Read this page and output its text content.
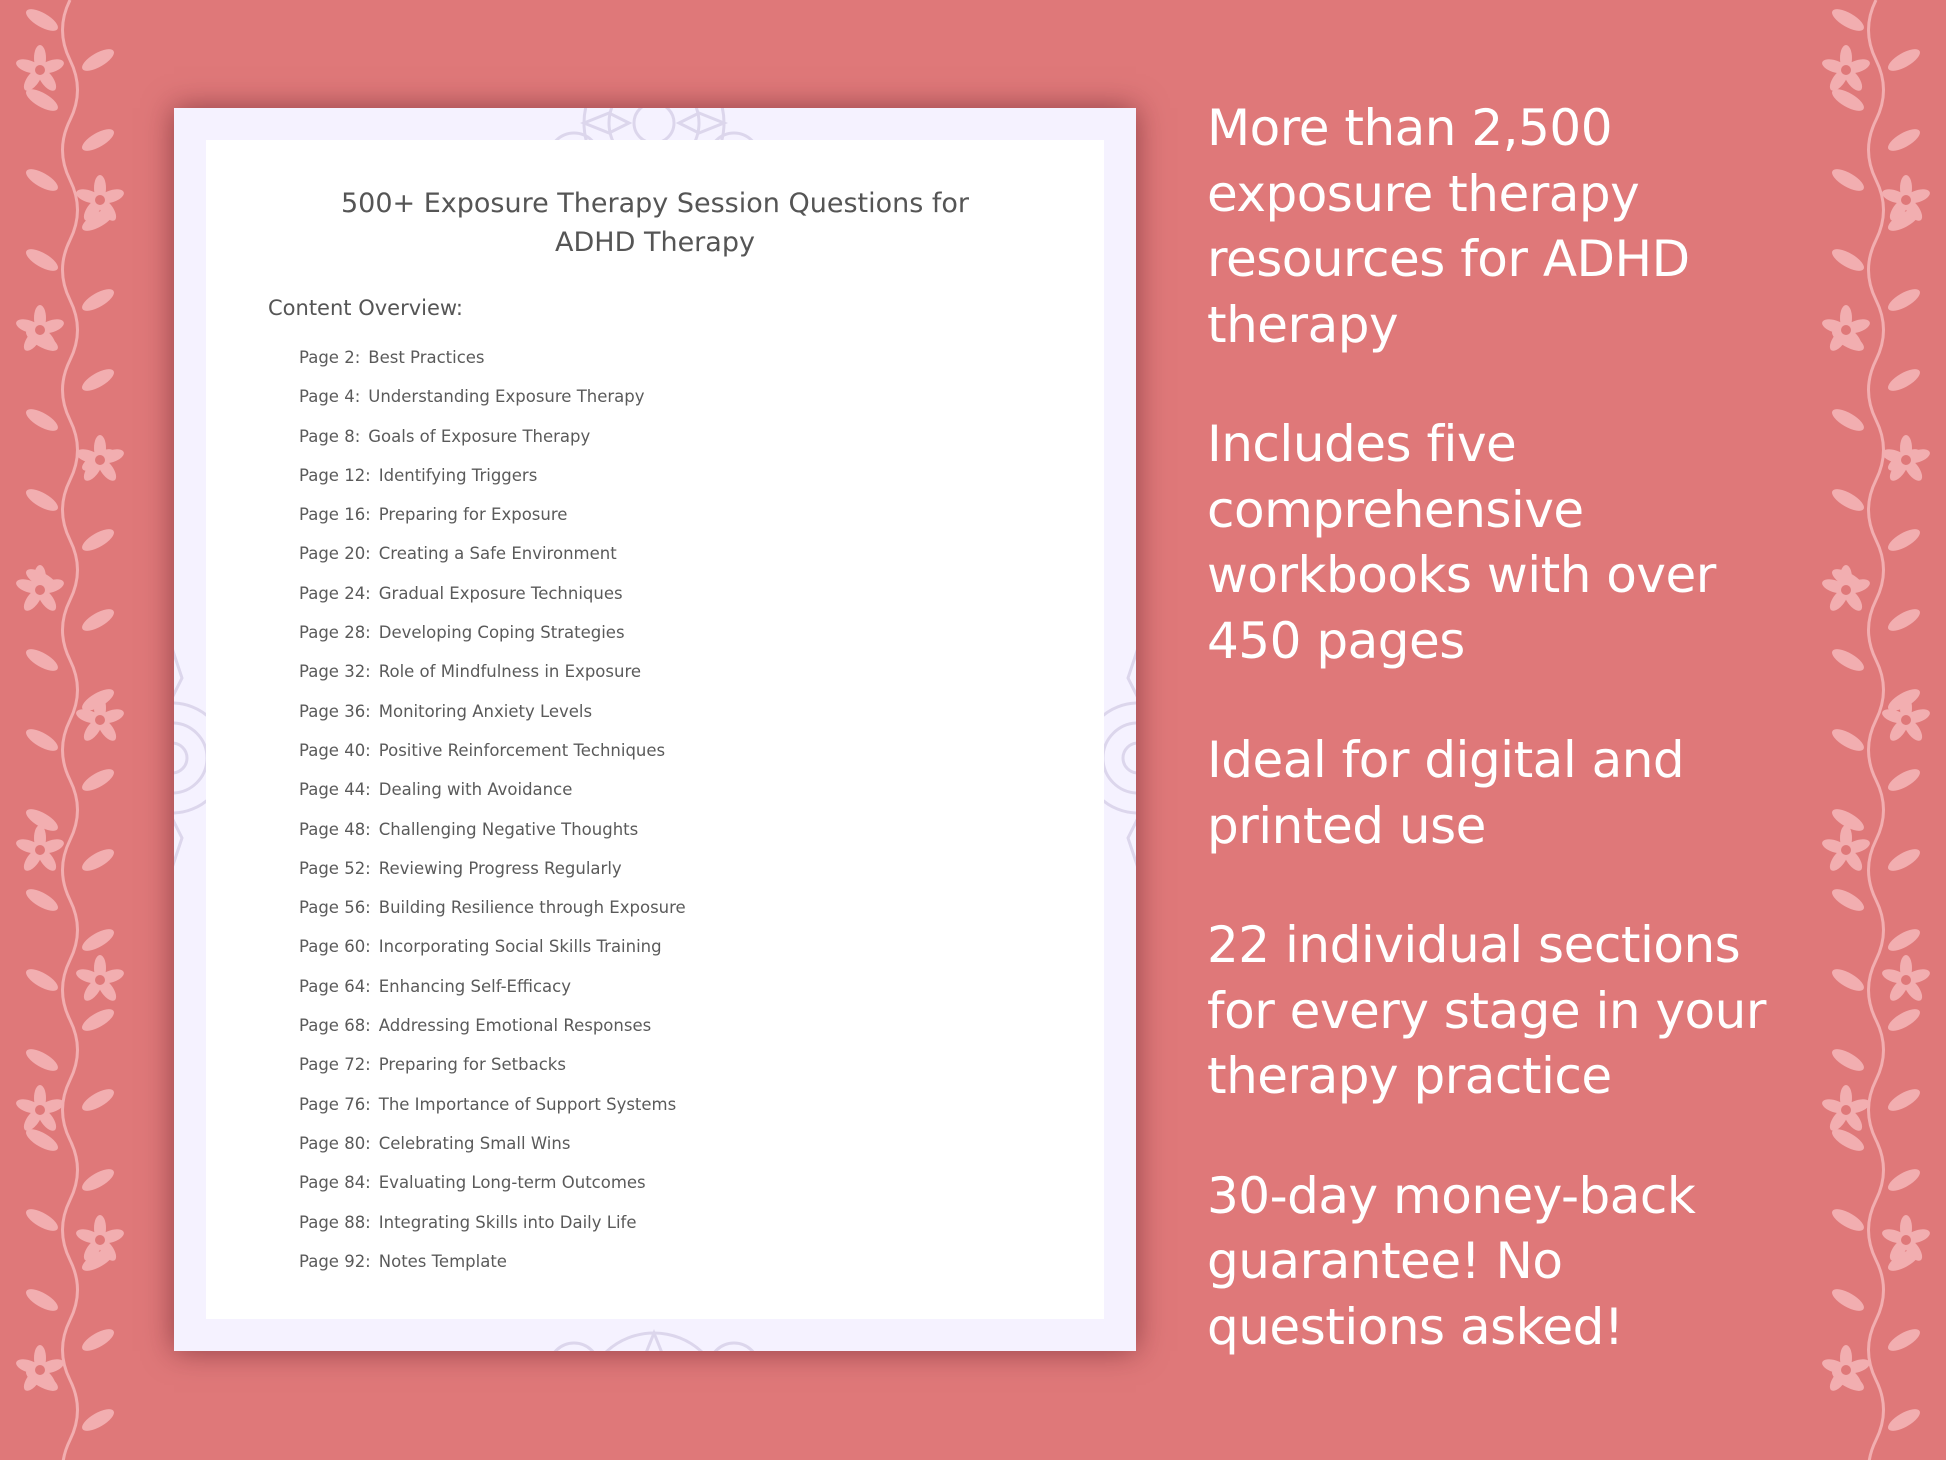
500+ Exposure Therapy Session Questions for
ADHD Therapy

Content Overview:

Page 2: Best Practices
Page 4: Understanding Exposure Therapy
Page 8: Goals of Exposure Therapy
Page 12: Identifying Triggers
Page 16: Preparing for Exposure
Page 20: Creating a Safe Environment
Page 24: Gradual Exposure Techniques
Page 28: Developing Coping Strategies
Page 32: Role of Mindfulness in Exposure
Page 36: Monitoring Anxiety Levels
Page 40: Positive Reinforcement Techniques
Page 44: Dealing with Avoidance
Page 48: Challenging Negative Thoughts
Page 52: Reviewing Progress Regularly
Page 56: Building Resilience through Exposure
Page 60: Incorporating Social Skills Training
Page 64: Enhancing Self-Efficacy
Page 68: Addressing Emotional Responses
Page 72: Preparing for Setbacks
Page 76: The Importance of Support Systems
Page 80: Celebrating Small Wins
Page 84: Evaluating Long-term Outcomes
Page 88: Integrating Skills into Daily Life
Page 92: Notes Template

More than 2,500 exposure therapy resources for ADHD therapy

Includes five comprehensive workbooks with over 450 pages

Ideal for digital and printed use

22 individual sections for every stage in your therapy practice

30-day money-back guarantee! No questions asked!
